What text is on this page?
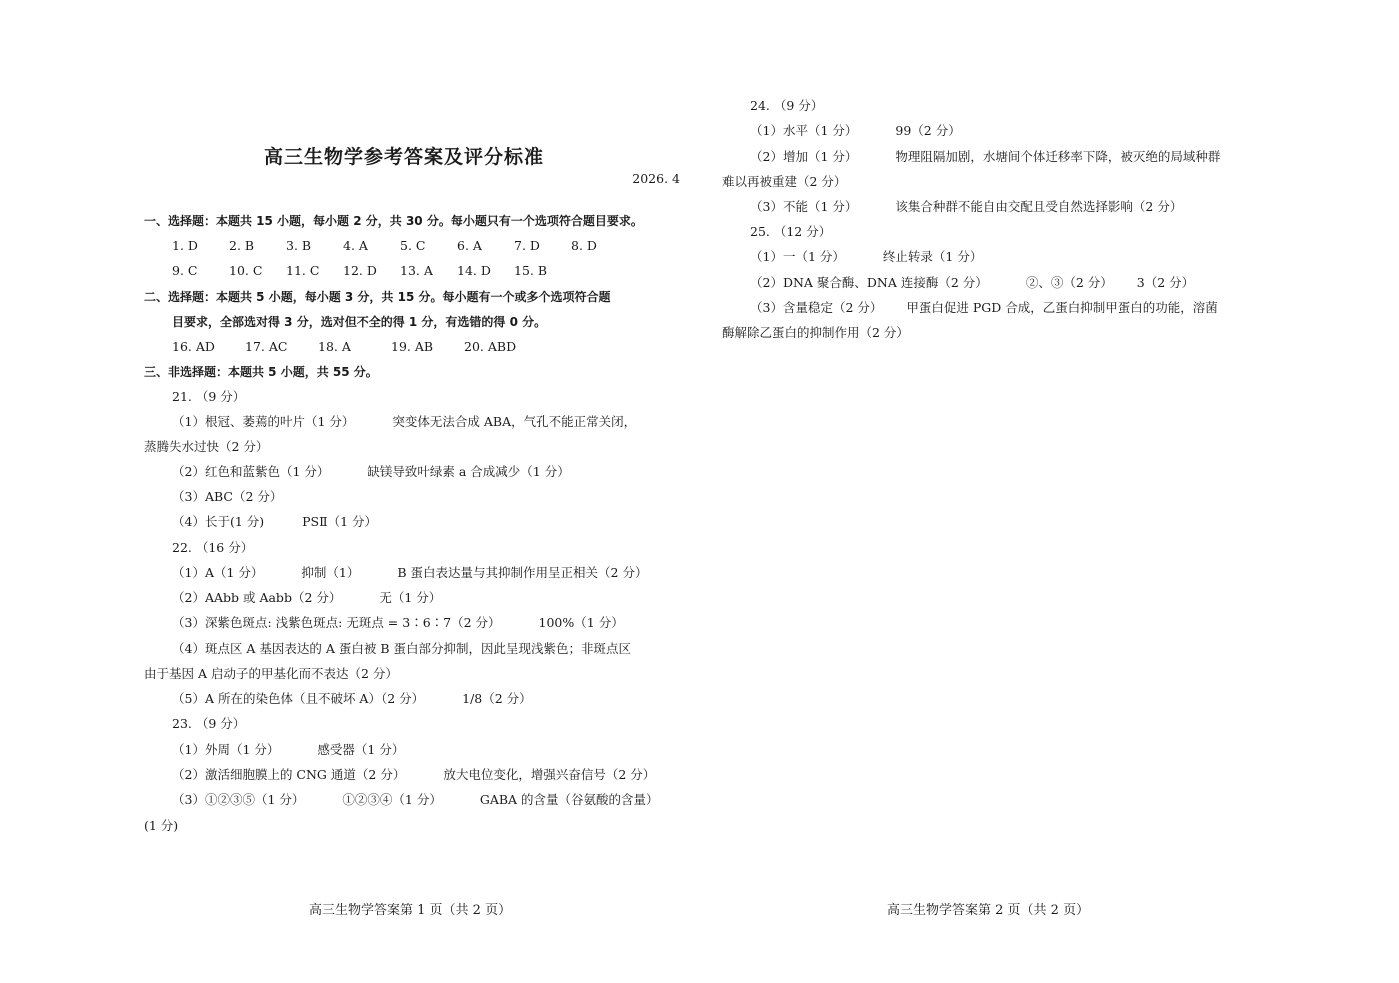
高三生物学参考答案及评分标准
2026. 4
一、选择题：本题共 15 小题，每小题 2 分，共 30 分。每小题只有一个选项符合题目要求。
1. D 2. B	3. B	4. A	5. C	6. A	7. D 8. D
9. C	10. C 11. C 12. D 13. A 14. D 15. B
二、选择题：本题共 5 小题，每小题 3 分，共 15 分。每小题有一个或多个选项符合题
目要求，全部选对得 3 分，选对但不全的得 1 分，有选错的得 0 分。
16. AD 17. AC 18. A	19. AB 20. ABD
三、非选择题：本题共 5 小题，共 55 分。
21. （9 分）
（1）根冠、萎蔫的叶片（1 分）	突变体无法合成 ABA，气孔不能正常关闭，
蒸腾失水过快（2 分）
（2）红色和蓝紫色（1 分）	缺镁导致叶绿素 a 合成减少（1 分）
（3）ABC（2 分）
（4）长于(1 分)	PSⅡ（1 分）
22. （16 分）
（1）A（1 分）	抑制（1）	B 蛋白表达量与其抑制作用呈正相关（2 分）
（2）AAbb 或 Aabb（2 分）	无（1 分）
（3）深紫色斑点: 浅紫色斑点: 无斑点 = 3∶6∶7（2 分）	100%（1 分）
（4）斑点区 A 基因表达的 A 蛋白被 B 蛋白部分抑制，因此呈现浅紫色；非斑点区
由于基因 A 启动子的甲基化而不表达（2 分）
（5）A 所在的染色体（且不破坏 A）（2 分）	1/8（2 分）
23. （9 分）
（1）外周（1 分）	感受器（1 分）
（2）激活细胞膜上的 CNG 通道（2 分）	放大电位变化，增强兴奋信号（2 分）
（3）①②③⑤（1 分）	①②③④（1 分）	GABA 的含量（谷氨酸的含量）
(1 分)
高三生物学答案第 1 页（共 2 页）
24. （9 分）
（1）水平（1 分）	99（2 分）
（2）增加（1 分）	物理阻隔加剧，水塘间个体迁移率下降，被灭绝的局域种群
难以再被重建（2 分）
（3）不能（1 分）	该集合种群不能自由交配且受自然选择影响（2 分）
25. （12 分）
（1）一（1 分）	终止转录（1 分）
（2）DNA 聚合酶、DNA 连接酶（2 分）	②、③（2 分） 3（2 分）
（3）含量稳定（2 分） 甲蛋白促进 PGD 合成，乙蛋白抑制甲蛋白的功能，溶菌
酶解除乙蛋白的抑制作用（2 分）
高三生物学答案第 2 页（共 2 页）
